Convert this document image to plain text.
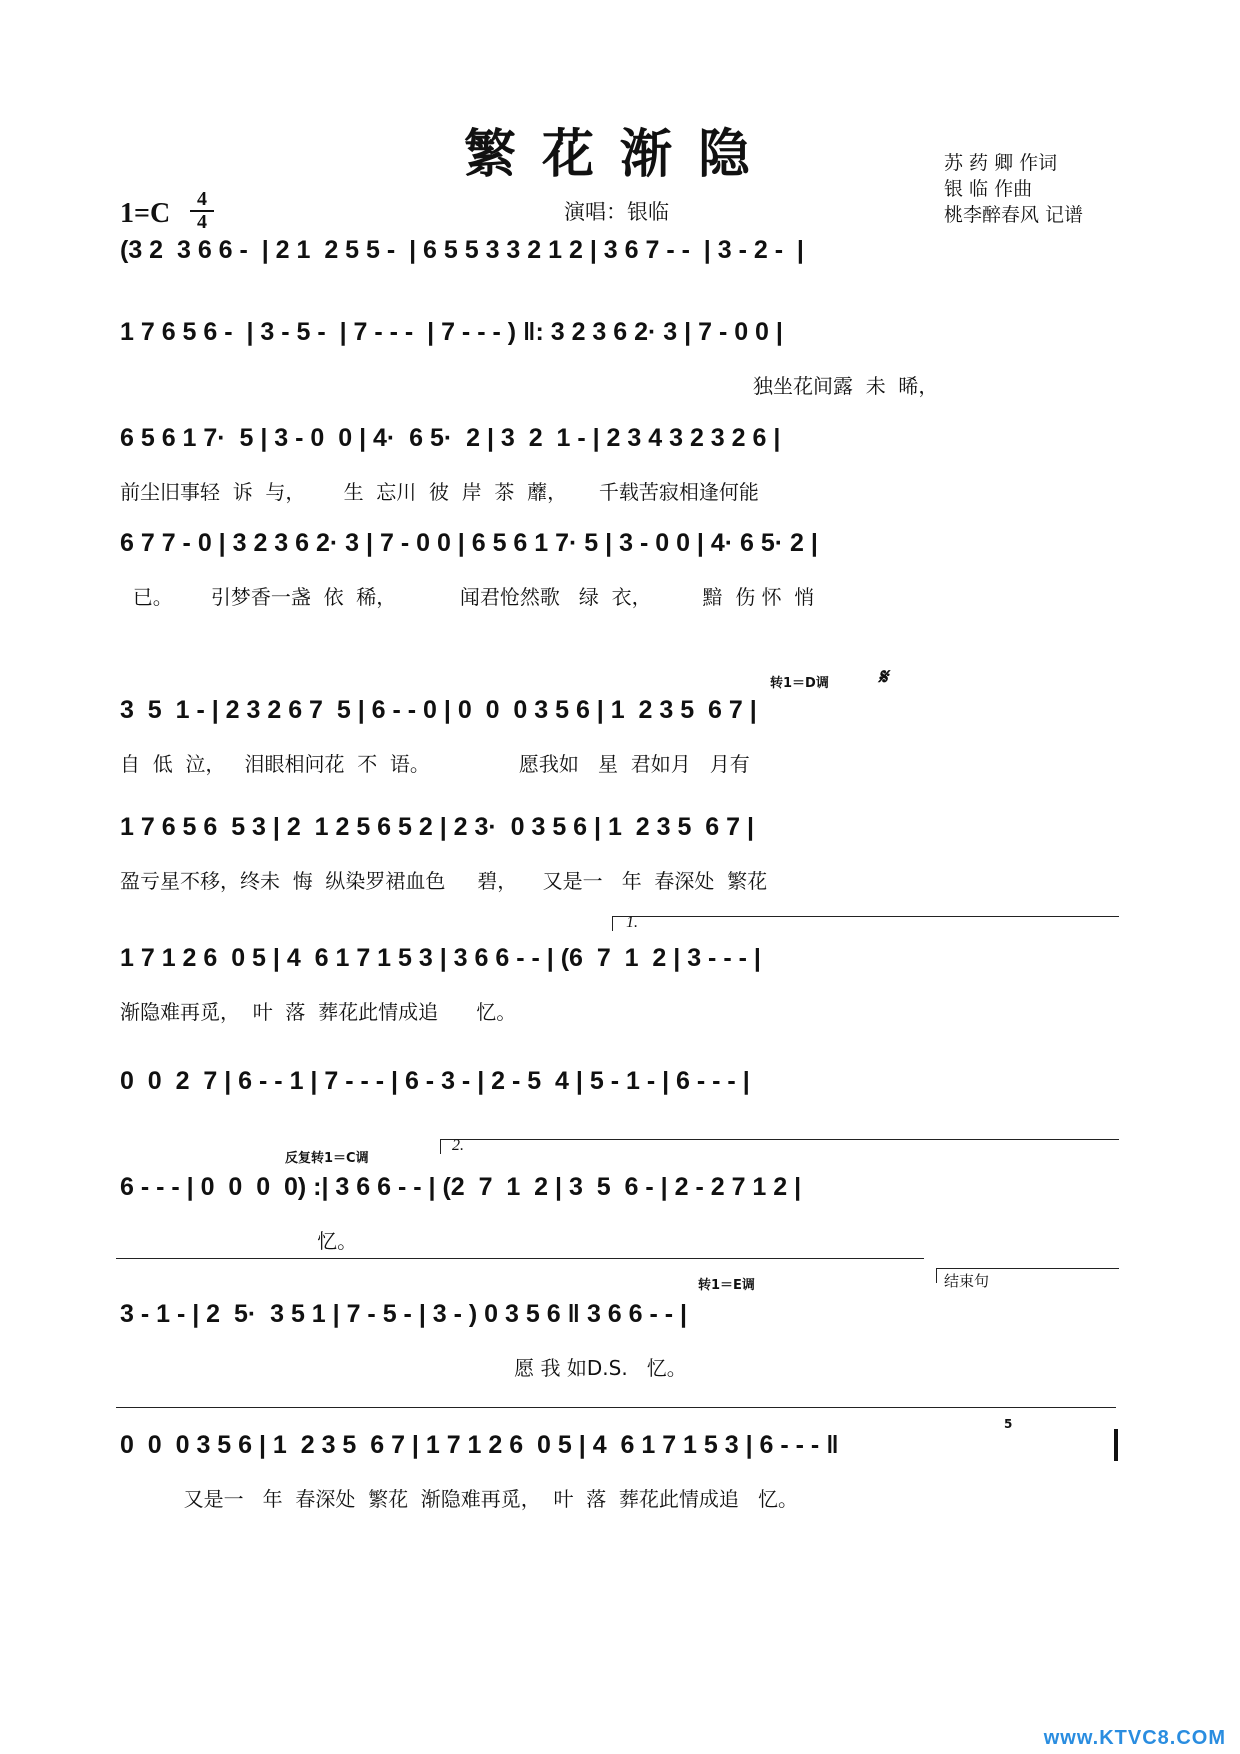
繁花渐隐
1=C	4
4	演唱：银临
苏 药 卿 作词
银 临 作曲
桃李醉春风 记谱
(3 2  3 6 6 -  | 2 1  2 5 5 -  | 6 5 5 3 3 2 1 2 | 3 6 7 - -  | 3 - 2 -  |
1 7 6 5 6 -  | 3 - 5 -  | 7 - - -  | 7 - - - ) ‖: 3 2 3 6 2· 3 | 7 - 0 0 |
独坐花间露  未  晞，
6 5 6 1 7·  5 | 3 - 0  0 | 4·  6 5·  2 | 3  2  1 - | 2 3 4 3 2 3 2 6 |
前尘旧事轻  诉  与，      生  忘川  彼  岸  茶  蘼，     千载苦寂相逢何能
6 7 7 - 0 | 3 2 3 6 2· 3 | 7 - 0 0 | 6 5 6 1 7· 5 | 3 - 0 0 | 4· 6 5· 2 |
已。      引梦香一盏  依  稀，          闻君怆然歌   绿  衣，        黯  伤 怀  悄
转1＝D调 𝄋
3  5  1 - | 2 3 2 6 7  5 | 6 - - 0 | 0  0  0 3 5 6 | 1  2 3 5  6 7 |
自  低  泣，   泪眼相问花  不  语。              愿我如   星  君如月   月有
1 7 6 5 6  5 3 | 2  1 2 5 6 5 2 | 2 3·  0 3 5 6 | 1  2 3 5  6 7 |
盈亏星不移，终未  悔  纵染罗裙血色     碧，    又是一   年  春深处  繁花
1.
1 7 1 2 6  0 5 | 4  6 1 7 1 5 3 | 3 6 6 - - | (6  7  1  2 | 3 - - - |
渐隐难再觅，  叶  落  葬花此情成追      忆。
0  0  2  7 | 6 - - 1 | 7 - - - | 6 - 3 - | 2 - 5  4 | 5 - 1 - | 6 - - - |
反复转1＝C调
2.
6 - - - | 0  0  0  0) :| 3 6 6 - - | (2  7  1  2 | 3  5  6 - | 2 - 2 7 1 2 |
忆。
转1＝E调	结束句
3 - 1 - | 2  5·  3 5 1 | 7 - 5 - | 3 - ) 0 3 5 6 ‖ 3 6 6 - - |
愿 我 如D.S.   忆。
5
0  0  0 3 5 6 | 1  2 3 5  6 7 | 1 7 1 2 6  0 5 | 4  6 1 7 1 5 3 | 6 - - - ‖
又是一   年  春深处  繁花  渐隐难再觅，  叶  落  葬花此情成追   忆。
www.KTVC8.COM
